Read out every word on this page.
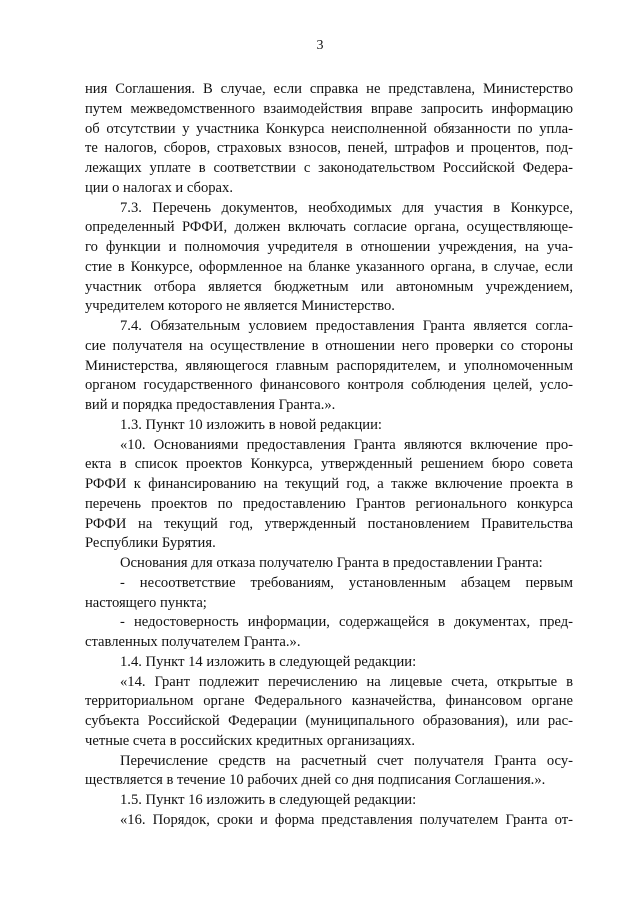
3
ния Соглашения. В случае, если справка не представлена, Министерство
путем межведомственного взаимодействия вправе запросить информацию
об отсутствии у участника Конкурса неисполненной обязанности по упла-
те налогов, сборов, страховых взносов, пеней, штрафов и процентов, под-
лежащих уплате в соответствии с законодательством Российской Федера-
ции о налогах и сборах.
7.3. Перечень документов, необходимых для участия в Конкурсе,
определенный РФФИ, должен включать согласие органа, осуществляюще-
го функции и полномочия учредителя в отношении учреждения, на уча-
стие в Конкурсе, оформленное на бланке указанного органа, в случае, если
участник отбора является бюджетным или автономным учреждением,
учредителем которого не является Министерство.
7.4. Обязательным условием предоставления Гранта является согла-
сие получателя на осуществление в отношении него проверки со стороны
Министерства, являющегося главным распорядителем, и уполномоченным
органом государственного финансового контроля соблюдения целей, усло-
вий и порядка предоставления Гранта.».
1.3. Пункт 10 изложить в новой редакции:
«10. Основаниями предоставления Гранта являются включение про-
екта в список проектов Конкурса, утвержденный решением бюро совета
РФФИ к финансированию на текущий год, а также включение проекта в
перечень проектов по предоставлению Грантов регионального конкурса
РФФИ на текущий год, утвержденный постановлением Правительства
Республики Бурятия.
Основания для отказа получателю Гранта в предоставлении Гранта:
- несоответствие требованиям, установленным абзацем первым
настоящего пункта;
- недостоверность информации, содержащейся в документах, пред-
ставленных получателем Гранта.».
1.4. Пункт 14 изложить в следующей редакции:
«14. Грант подлежит перечислению на лицевые счета, открытые в
территориальном органе Федерального казначейства, финансовом органе
субъекта Российской Федерации (муниципального образования), или рас-
четные счета в российских кредитных организациях.
Перечисление средств на расчетный счет получателя Гранта осу-
ществляется в течение 10 рабочих дней со дня подписания Соглашения.».
1.5. Пункт 16 изложить в следующей редакции:
«16. Порядок, сроки и форма представления получателем Гранта от-
